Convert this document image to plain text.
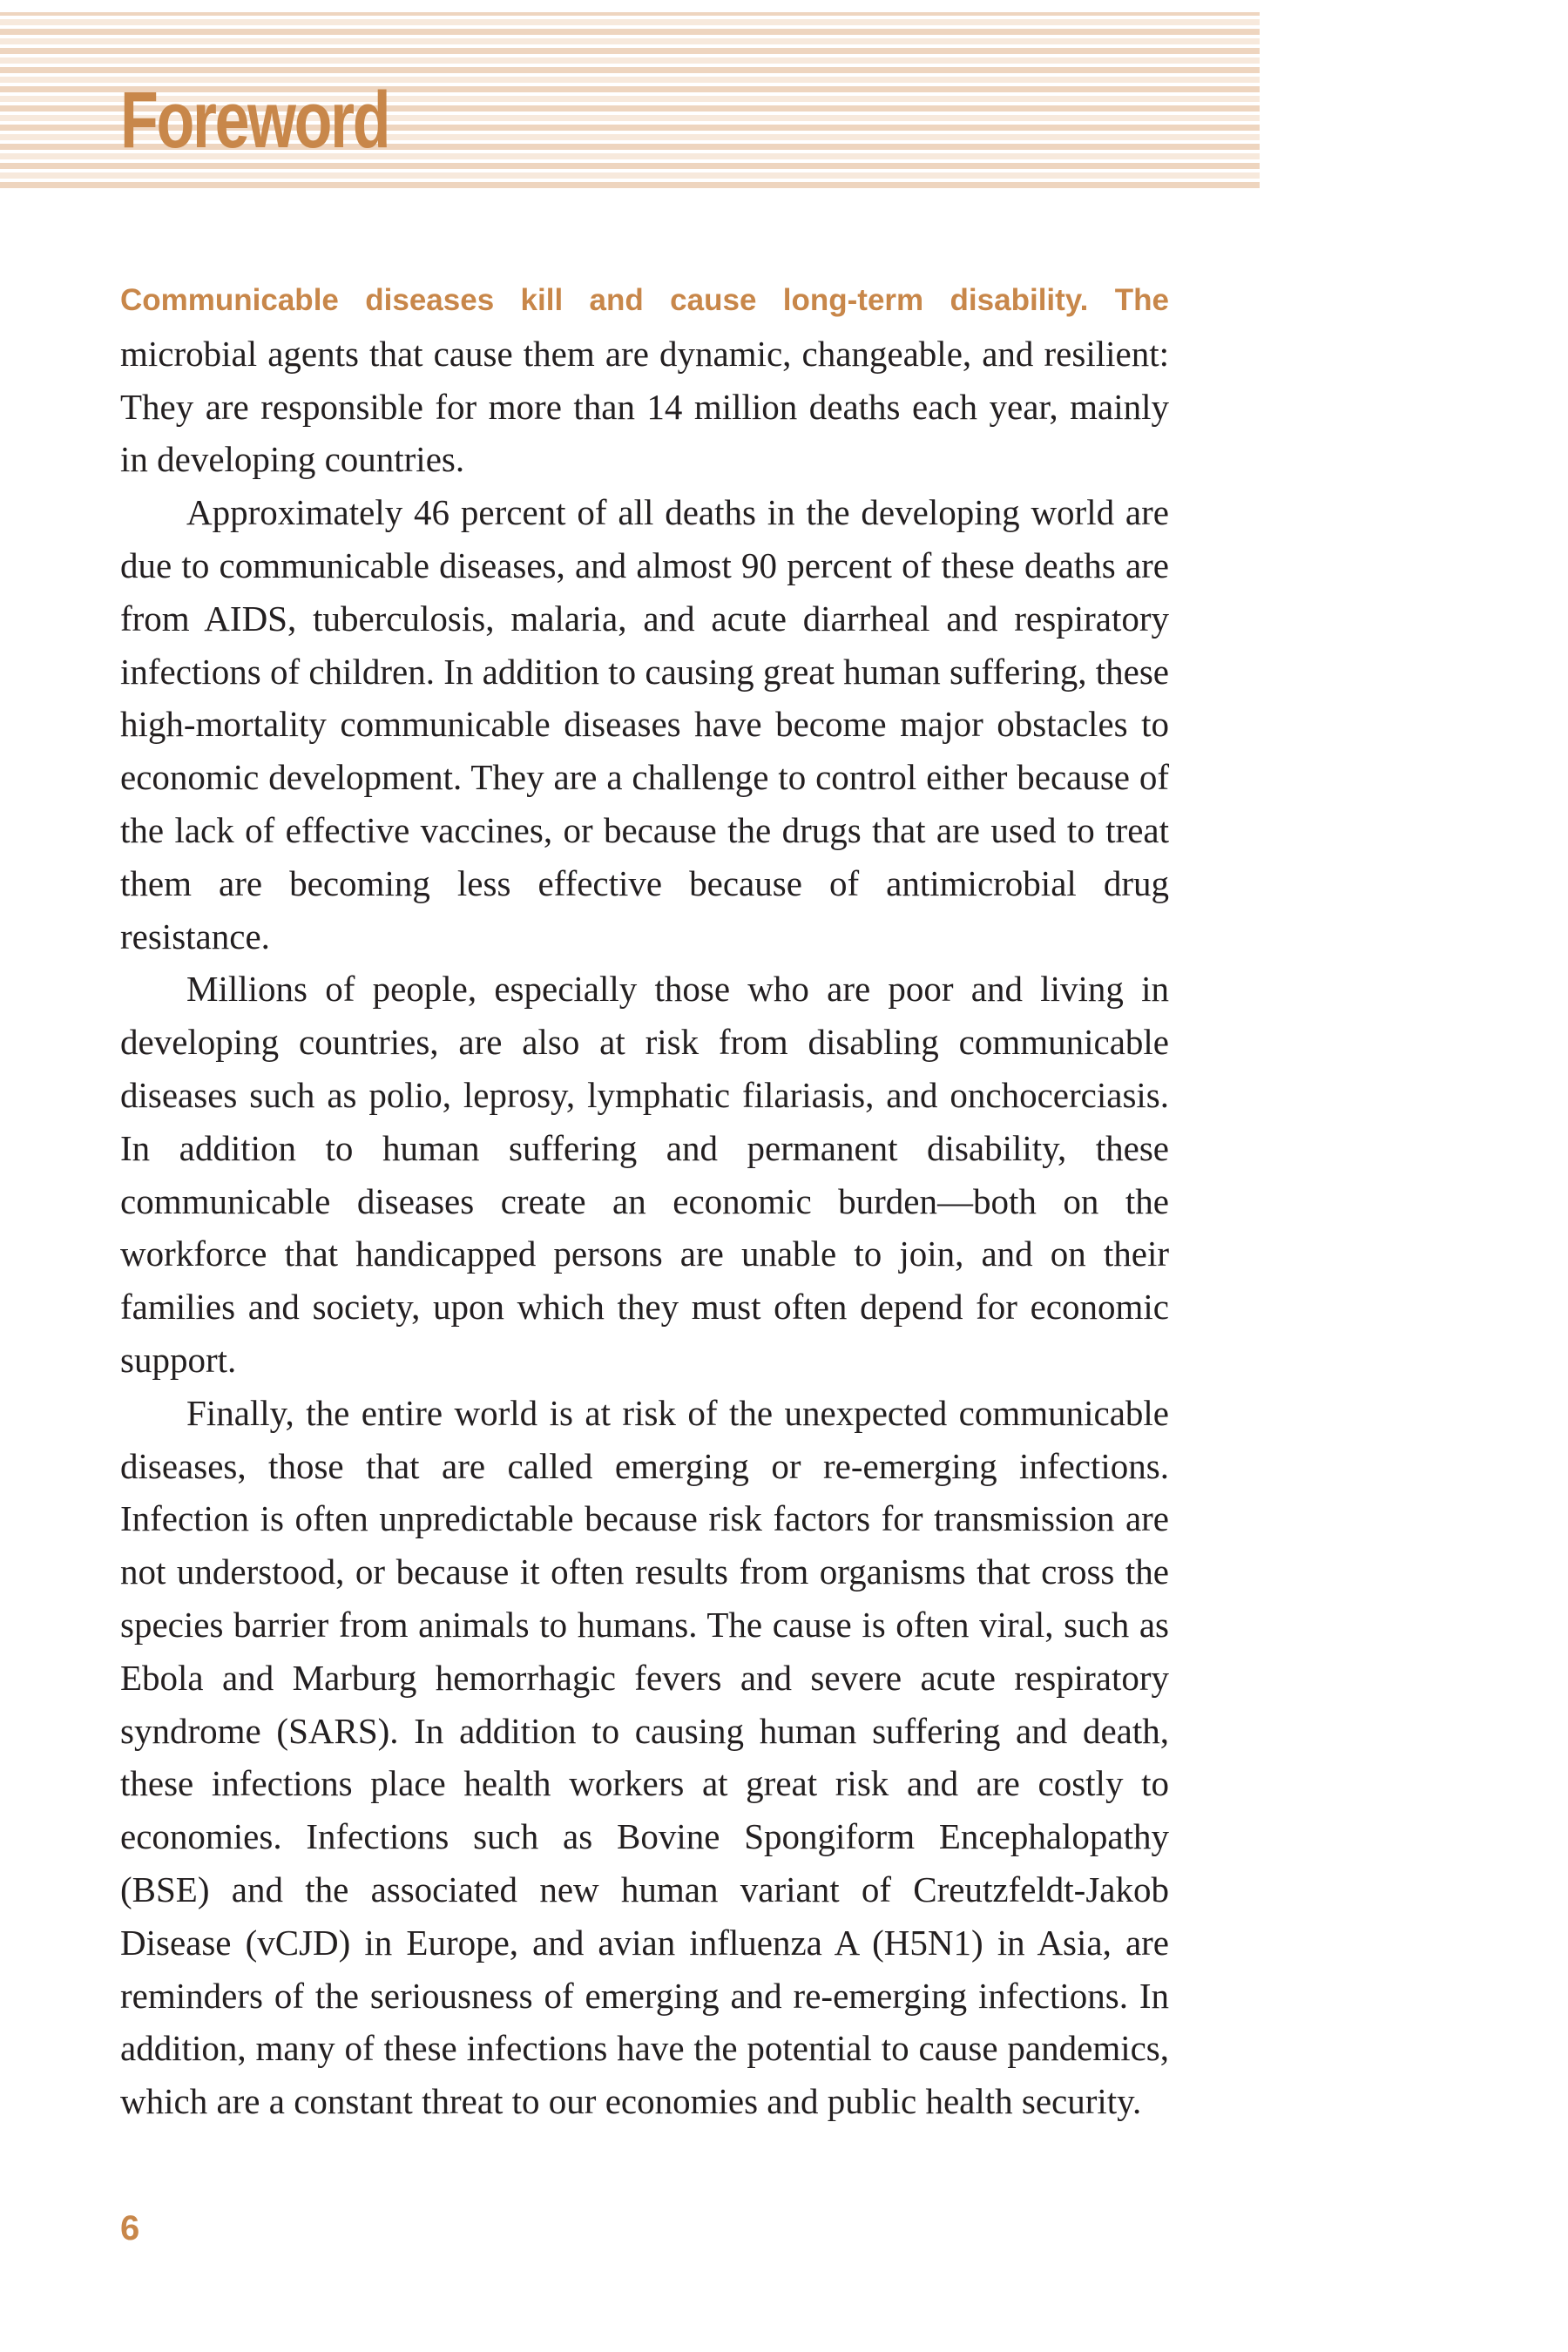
Foreword

Communicable diseases kill and cause long-term disability. The microbial agents that cause them are dynamic, changeable, and resilient: They are responsible for more than 14 million deaths each year, mainly in developing countries.

Approximately 46 percent of all deaths in the developing world are due to communicable diseases, and almost 90 percent of these deaths are from AIDS, tuberculosis, malaria, and acute diarrheal and respiratory infections of children. In addition to causing great human suffering, these high-mortality communicable diseases have become major obstacles to economic development. They are a challenge to control either because of the lack of effective vaccines, or because the drugs that are used to treat them are becoming less effective because of antimicrobial drug resistance.

Millions of people, especially those who are poor and living in developing countries, are also at risk from disabling communicable diseases such as polio, leprosy, lymphatic filariasis, and onchocerciasis. In addition to human suffering and permanent disability, these communicable diseases create an economic burden—both on the workforce that handicapped persons are unable to join, and on their families and society, upon which they must often depend for economic support.

Finally, the entire world is at risk of the unexpected communicable diseases, those that are called emerging or re-emerging infections. Infection is often unpredictable because risk factors for transmission are not understood, or because it often results from organisms that cross the species barrier from animals to humans. The cause is often viral, such as Ebola and Marburg hemorrhagic fevers and severe acute respiratory syndrome (SARS). In addition to causing human suffering and death, these infections place health workers at great risk and are costly to economies. Infections such as Bovine Spongiform Encephalopathy (BSE) and the associated new human variant of Creutzfeldt-Jakob Disease (vCJD) in Europe, and avian influenza A (H5N1) in Asia, are reminders of the seriousness of emerging and re-emerging infections. In addition, many of these infections have the potential to cause pandemics, which are a constant threat to our economies and public health security.

6
